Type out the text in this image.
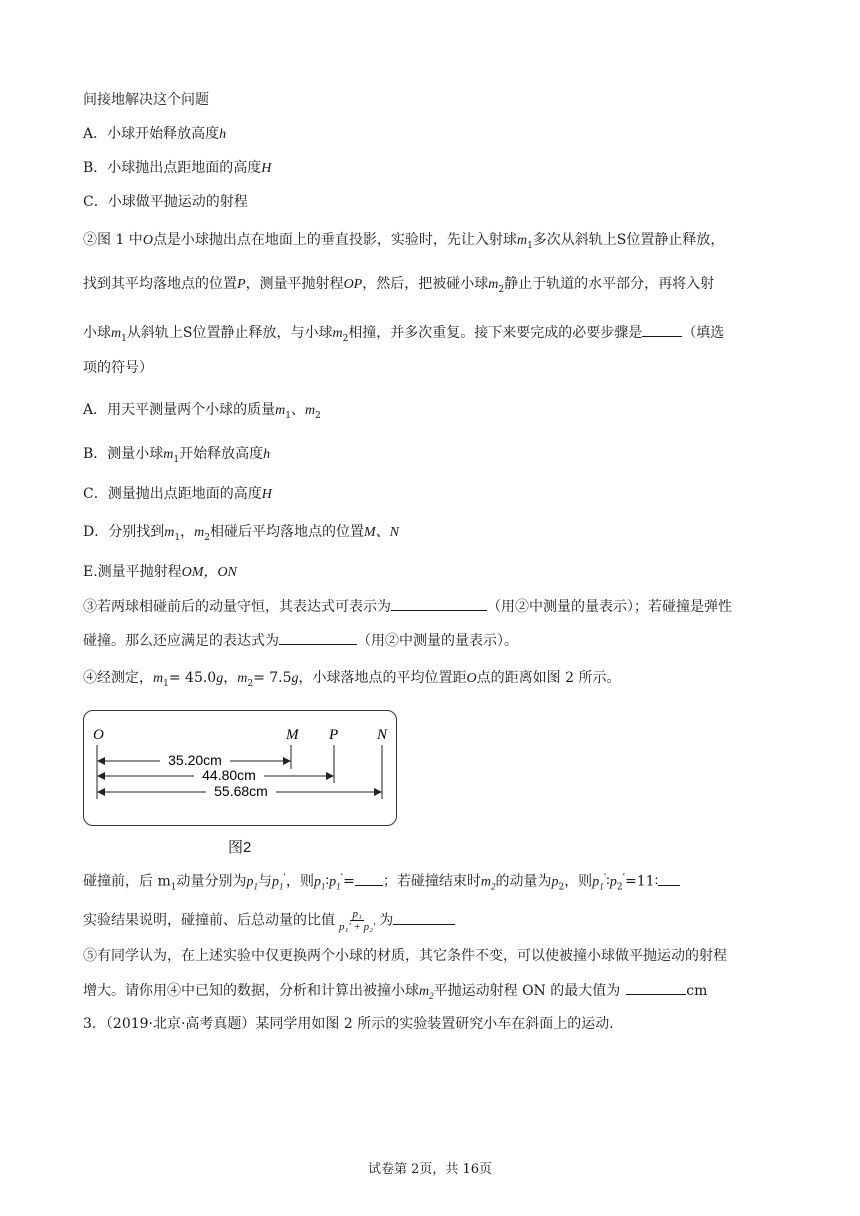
间接地解决这个问题
A．小球开始释放高度h
B．小球抛出点距地面的高度H
C．小球做平抛运动的射程
②图 1 中O点是小球抛出点在地面上的垂直投影，实验时，先让入射球$m_1$多次从斜轨上S位置静止释放，
找到其平均落地点的位置P，测量平抛射程OP，然后，把被碰小球$m_2$静止于轨道的水平部分，再将入射
小球$m_1$从斜轨上S位置静止释放，与小球$m_2$相撞，并多次重复。接下来要完成的必要步骤是	（填选
项的符号）
A．用天平测量两个小球的质量$m_1$、$m_2$
B．测量小球$m_1$开始释放高度h
C．测量抛出点距地面的高度H
D．分别找到$m_1$，$m_2$相碰后平均落地点的位置M、N
E.测量平抛射程OM，ON
③若两球相碰前后的动量守恒，其表达式可表示为	（用②中测量的量表示）；若碰撞是弹性
碰撞。那么还应满足的表达式为	（用②中测量的量表示）。
④经测定，$m_1= 45.0g$，$m_2= 7.5g$，小球落地点的平均位置距O点的距离如图 2 所示。
O	M P	N
35.20cm
44.80cm
55.68cm
图2
碰撞前，后 $m_1$动量分别为$p_1$与$p_1'$，则$p_1∶p_1'=$ ；若碰撞结束时$m_2$的动量为$p_2$，则$p_1'∶p_2'=11∶$
实验结果说明，碰撞前、后总动量的比值 $\frac{\text{p₁}}{\text{p₁' + p₂'}}$ 为
⑤有同学认为，在上述实验中仅更换两个小球的材质，其它条件不变，可以使被撞小球做平抛运动的射程
增大。请你用④中已知的数据，分析和计算出被撞小球$m_2$平抛运动射程 ON 的最大值为	cm
3．（2019·北京·高考真题）某同学用如图 2 所示的实验装置研究小车在斜面上的运动．
试卷第 2页，共 16页
